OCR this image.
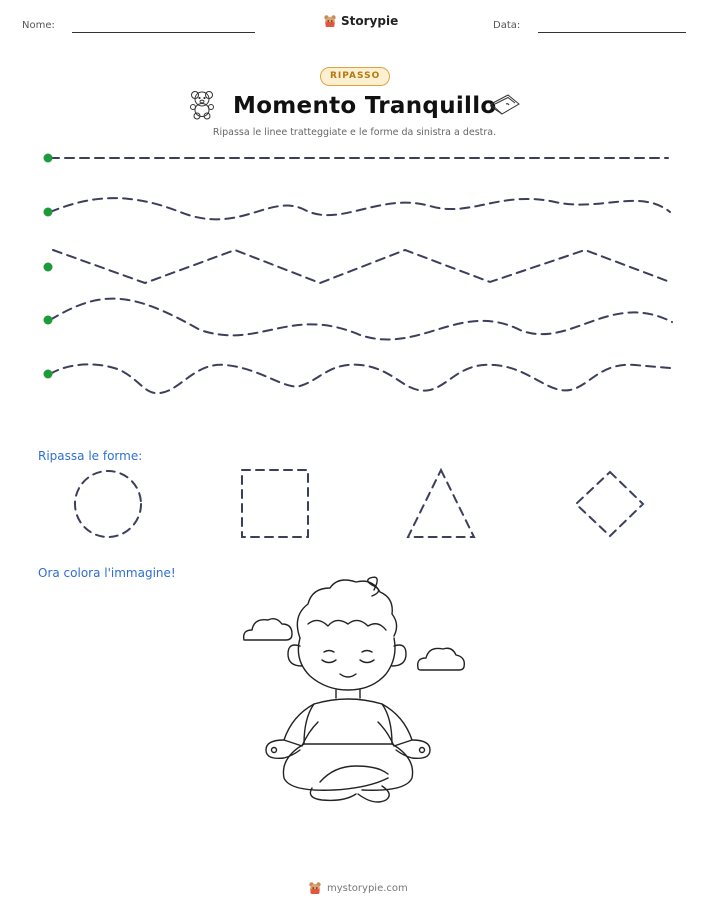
Nome:	Storypie	Data:
RIPASSO
Momento Tranquillo
Ripassa le linee tratteggiate e le forme da sinistra a destra.
Ripassa le forme:
Ora colora l'immagine!
mystorypie.com
